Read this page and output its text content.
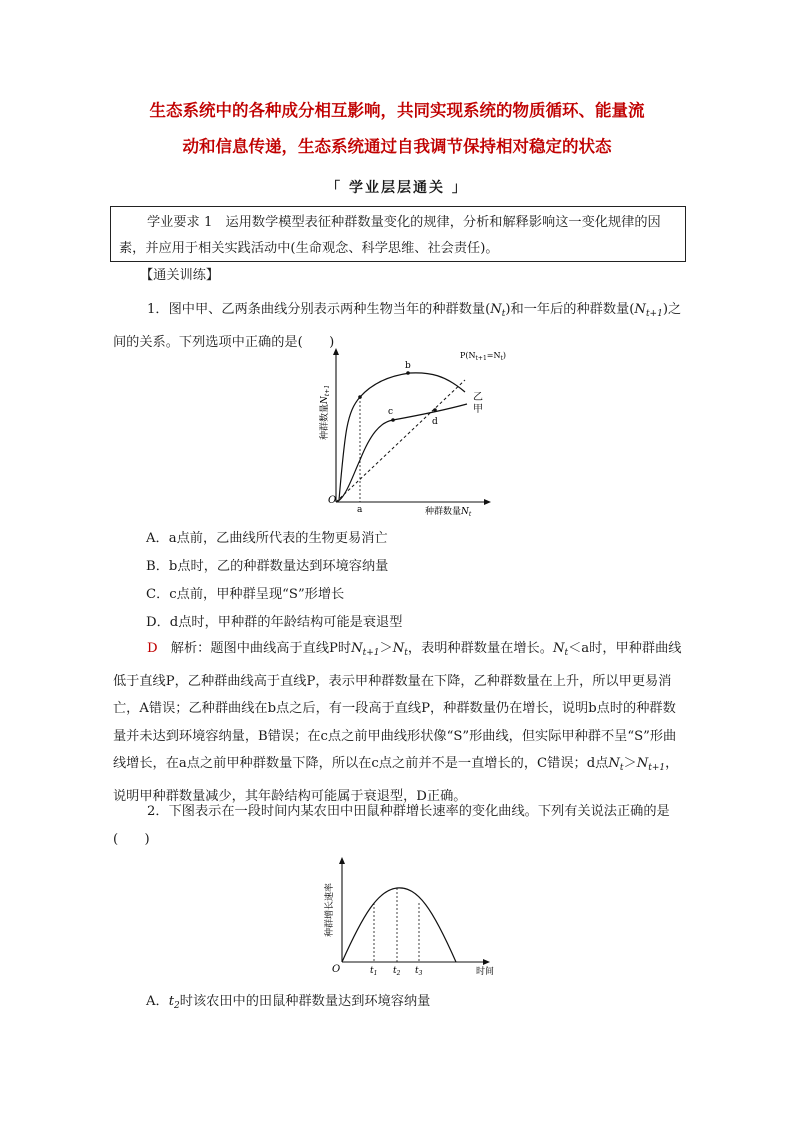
生态系统中的各种成分相互影响，共同实现系统的物质循环、能量流
动和信息传递，生态系统通过自我调节保持相对稳定的状态
「 学业层层通关 」
学业要求 1　运用数学模型表征种群数量变化的规律，分析和解释影响这一变化规律的因素，并应用于相关实践活动中(生命观念、科学思维、社会责任)。
【通关训练】
1．图中甲、乙两条曲线分别表示两种生物当年的种群数量$(N_t)$和一年后的种群数量$(N_{t+1})$之间的关系。下列选项中正确的是(　　)
O
a
b
c
d
乙
甲
$P(N_{t+1}=N_t)$
种群数量$N_t$
种群数量$N_{t+1}$
A．a点前，乙曲线所代表的生物更易消亡
B．b点时，乙的种群数量达到环境容纳量
C．c点前，甲种群呈现“S”形增长
D．d点时，甲种群的年龄结构可能是衰退型
D　解析：题图中曲线高于直线P时$N_{t+1}>N_t$，表明种群数量在增长。$N_t<a$时，甲种群曲线低于直线P，乙种群曲线高于直线P，表示甲种群数量在下降，乙种群数量在上升，所以甲更易消亡，A错误；乙种群曲线在b点之后，有一段高于直线P，种群数量仍在增长，说明b点时的种群数量并未达到环境容纳量，B错误；在c点之前甲曲线形状像“S”形曲线，但实际甲种群不呈“S”形曲线增长，在a点之前甲种群数量下降，所以在c点之前并不是一直增长的，C错误；d点$N_t>N_{t+1}$，说明甲种群数量减少，其年龄结构可能属于衰退型，D正确。
2．下图表示在一段时间内某农田中田鼠种群增长速率的变化曲线。下列有关说法正确的是(　　)
O	$t_1$ $t_2$ $t_3$	时间
种群增长速率
A．$t_2$时该农田中的田鼠种群数量达到环境容纳量
